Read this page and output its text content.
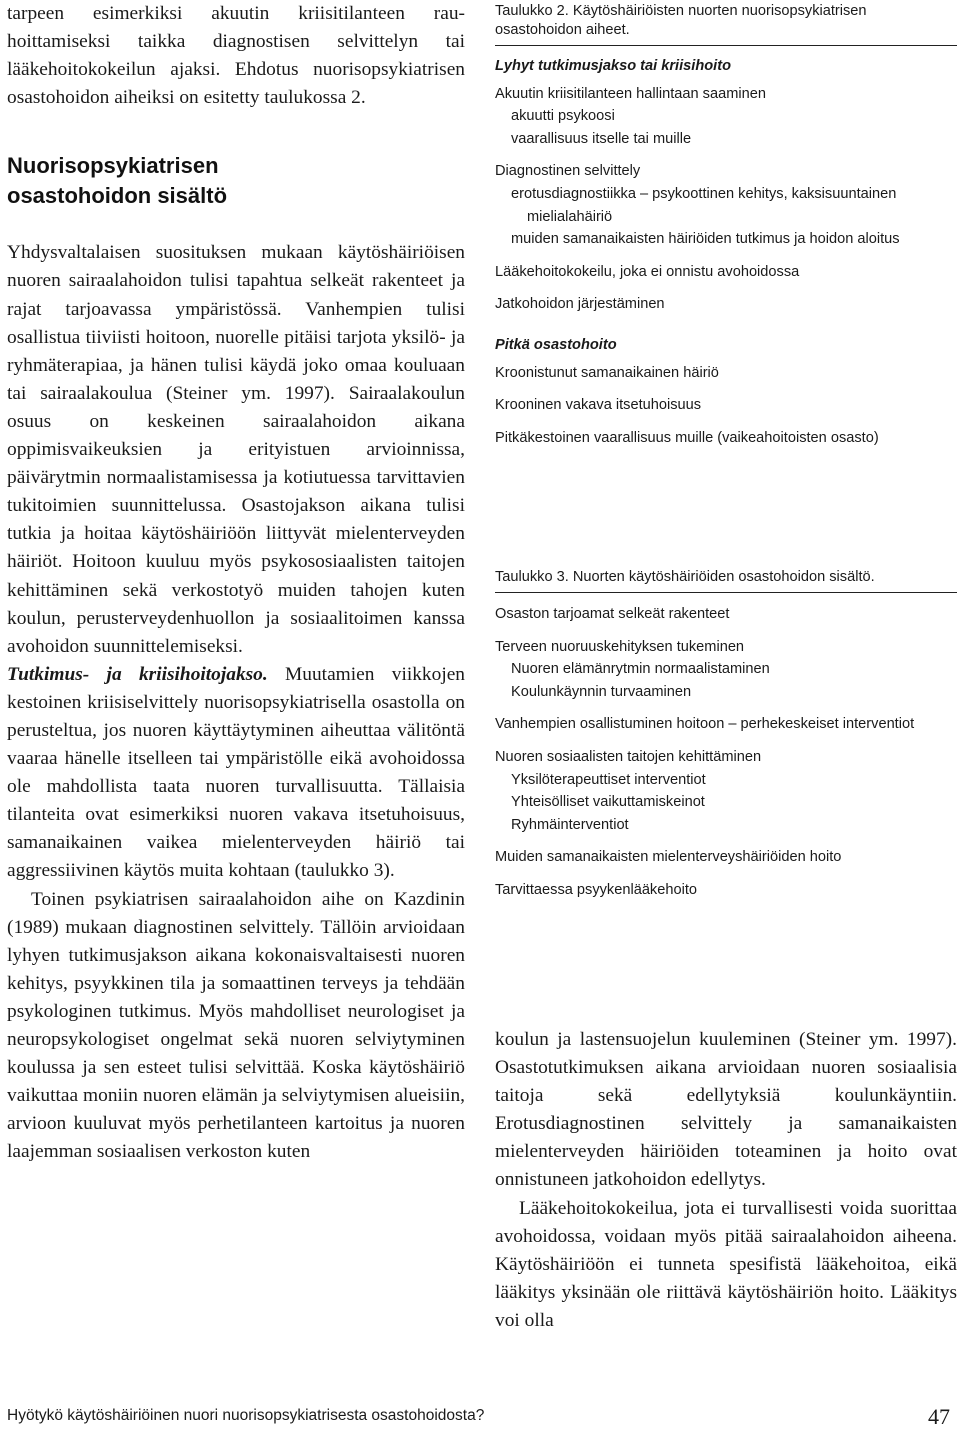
tarpeen esimerkiksi akuutin kriisitilanteen rauhoittamiseksi taikka diagnostisen selvittelyn tai lääkehoitokokeilun ajaksi. Ehdotus nuorisopsykiatrisen osastohoidon aiheiksi on esitetty taulukossa 2.

Nuorisopsykiatrisen
osastohoidon sisältö

Yhdysvaltalaisen suosituksen mukaan käytöshäiriöisen nuoren sairaalahoidon tulisi tapahtua selkeät rakenteet ja rajat tarjoavassa ympäristössä. Vanhempien tulisi osallistua tiiviisti hoitoon, nuorelle pitäisi tarjota yksilö- ja ryhmäterapiaa, ja hänen tulisi käydä joko omaa kouluaan tai sairaalakoulua (Steiner ym. 1997). Sairaalakoulun osuus on keskeinen sairaalahoidon aikana oppimisvaikeuksien ja erityistuen arvioinnissa, päivärytmin normaalistamisessa ja kotiutuessa tarvittavien tukitoimien suunnittelussa. Osastojakson aikana tulisi tutkia ja hoitaa käytöshäiriöön liittyvät mielenterveyden häiriöt. Hoitoon kuuluu myös psykososiaalisten taitojen kehittäminen sekä verkostotyö muiden tahojen kuten koulun, perusterveydenhuollon ja sosiaalitoimen kanssa avohoidon suunnittelemiseksi.

Tutkimus- ja kriisihoitojakso. Muutamien viikkojen kestoinen kriisiselvittely nuorisopsykiatrisella osastolla on perusteltua, jos nuoren käyttäytyminen aiheuttaa välitöntä vaaraa hänelle itselleen tai ympäristölle eikä avohoidossa ole mahdollista taata nuoren turvallisuutta. Tällaisia tilanteita ovat esimerkiksi nuoren vakava itsetuhoisuus, samanaikainen vaikea mielenterveyden häiriö tai aggressiivinen käytös muita kohtaan (taulukko 3).

Toinen psykiatrisen sairaalahoidon aihe on Kazdinin (1989) mukaan diagnostinen selvittely. Tällöin arvioidaan lyhyen tutkimusjakson aikana kokonaisvaltaisesti nuoren kehitys, psyykkinen tila ja somaattinen terveys ja tehdään psykologinen tutkimus. Myös mahdolliset neurologiset ja neuropsykologiset ongelmat sekä nuoren selviytyminen koulussa ja sen esteet tulisi selvittää. Koska käytöshäiriö vaikuttaa moniin nuoren elämän ja selviytymisen alueisiin, arvioon kuuluvat myös perhetilanteen kartoitus ja nuoren laajemman sosiaalisen verkoston kuten

Taulukko 2. Käytöshäiriöisten nuorten nuorisopsykiatrisen osastohoidon aiheet.

Lyhyt tutkimusjakso tai kriisihoito
Akuutin kriisitilanteen hallintaan saaminen
akuutti psykoosi
vaarallisuus itselle tai muille
Diagnostinen selvittely
erotusdiagnostiikka – psykoottinen kehitys, kaksisuuntainen
mielialahäiriö
muiden samanaikaisten häiriöiden tutkimus ja hoidon aloitus
Lääkehoitokokeilu, joka ei onnistu avohoidossa
Jatkohoidon järjestäminen
Pitkä osastohoito
Kroonistunut samanaikainen häiriö
Krooninen vakava itsetuhoisuus
Pitkäkestoinen vaarallisuus muille (vaikeahoitoisten osasto)

Taulukko 3. Nuorten käytöshäiriöiden osastohoidon sisältö.

Osaston tarjoamat selkeät rakenteet
Terveen nuoruuskehityksen tukeminen
Nuoren elämänrytmin normaalistaminen
Koulunkäynnin turvaaminen
Vanhempien osallistuminen hoitoon – perhekeskeiset interventiot
Nuoren sosiaalisten taitojen kehittäminen
Yksilöterapeuttiset interventiot
Yhteisölliset vaikuttamiskeinot
Ryhmäinterventiot
Muiden samanaikaisten mielenterveyshäiriöiden hoito
Tarvittaessa psyykenlääkehoito

koulun ja lastensuojelun kuuleminen (Steiner ym. 1997). Osastotutkimuksen aikana arvioidaan nuoren sosiaalisia taitoja sekä edellytyksiä koulunkäyntiin. Erotusdiagnostinen selvittely ja samanaikaisten mielenterveyden häiriöiden toteaminen ja hoito ovat onnistuneen jatkohoidon edellytys.

Lääkehoitokokeilua, jota ei turvallisesti voida suorittaa avohoidossa, voidaan myös pitää sairaalahoidon aiheena. Käytöshäiriöön ei tunneta spesifistä lääkehoitoa, eikä lääkitys yksinään ole riittävä käytöshäiriön hoito. Lääkitys voi olla

Hyötykö käytöshäiriöinen nuori nuorisopsykiatrisesta osastohoidosta?	47
